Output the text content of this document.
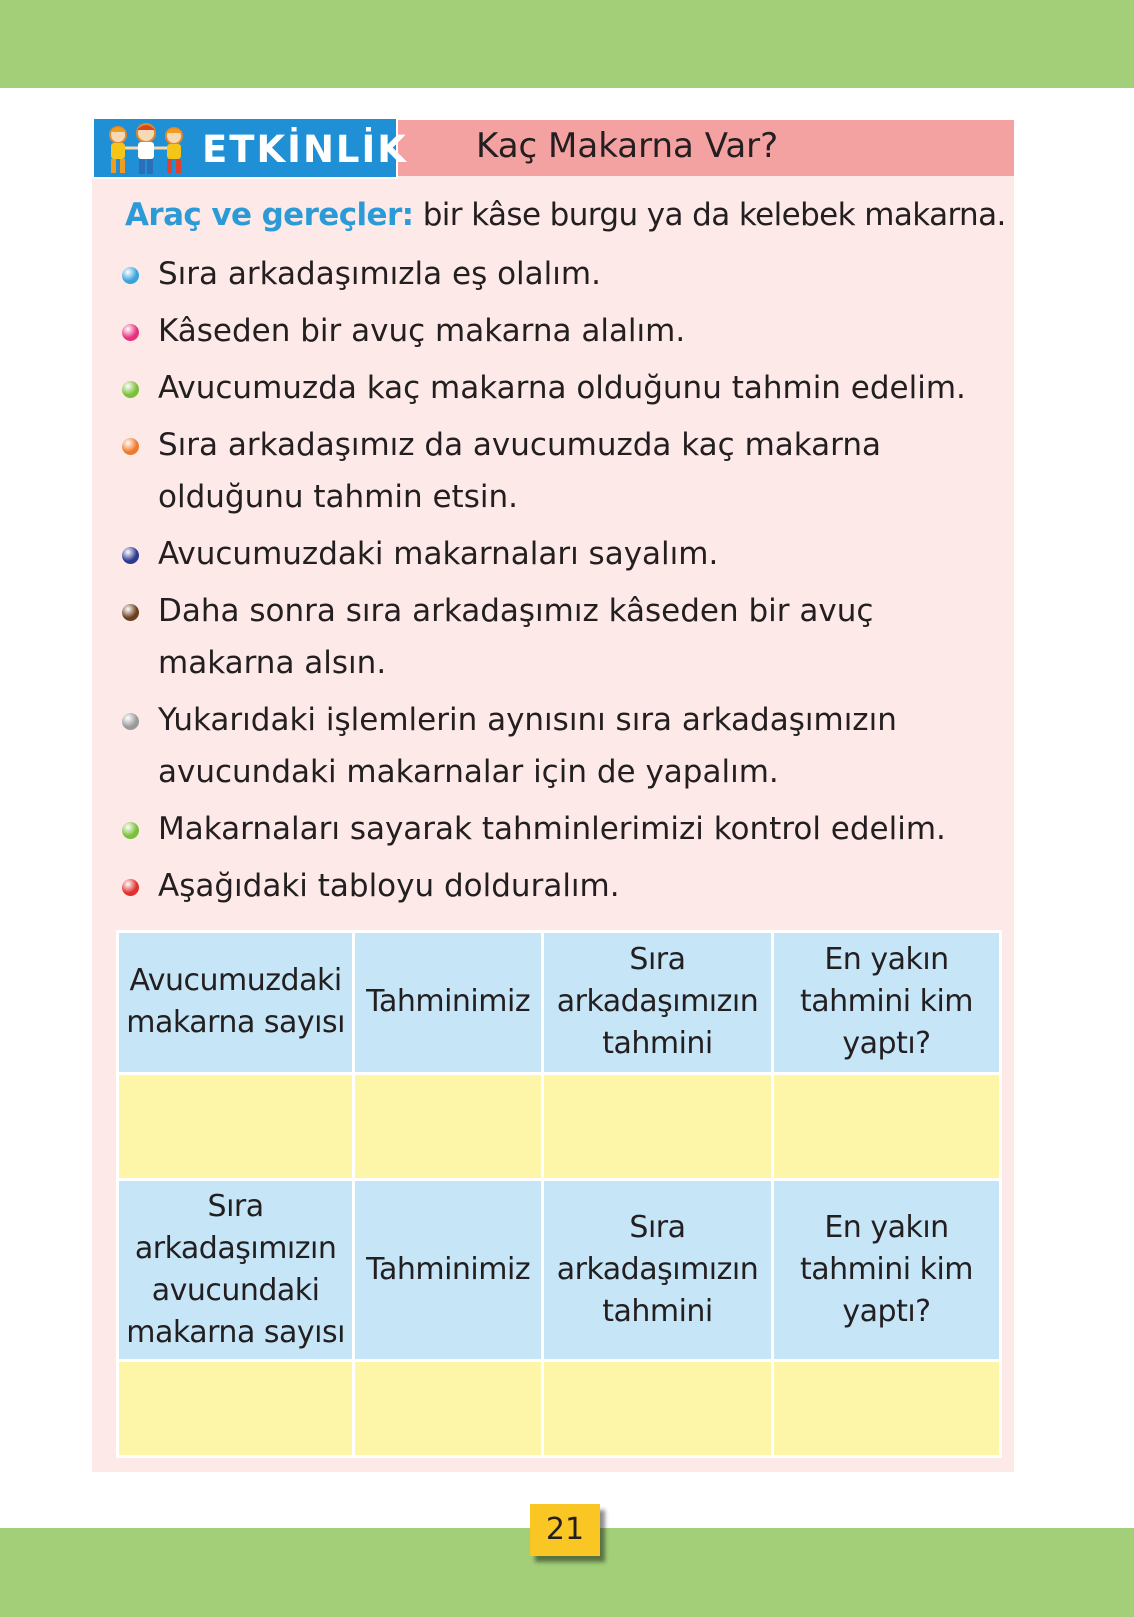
ETKİNLİK Kaç Makarna Var?
Araç ve gereçler: bir kâse burgu ya da kelebek makarna.
Sıra arkadaşımızla eş olalım.
Kâseden bir avuç makarna alalım.
Avucumuzda kaç makarna olduğunu tahmin edelim.
Sıra arkadaşımız da avucumuzda kaç makarna olduğunu tahmin etsin.
Avucumuzdaki makarnaları sayalım.
Daha sonra sıra arkadaşımız kâseden bir avuç makarna alsın.
Yukarıdaki işlemlerin aynısını sıra arkadaşımızın avucundaki makarnalar için de yapalım.
Makarnaları sayarak tahminlerimizi kontrol edelim.
Aşağıdaki tabloyu dolduralım.
Avucumuzdaki makarna sayısı	Tahminimiz	Sıra arkadaşımızın tahmini	En yakın tahmini kim yaptı?

Sıra arkadaşımızın avucundaki makarna sayısı	Tahminimiz	Sıra arkadaşımızın tahmini	En yakın tahmini kim yaptı?

21
